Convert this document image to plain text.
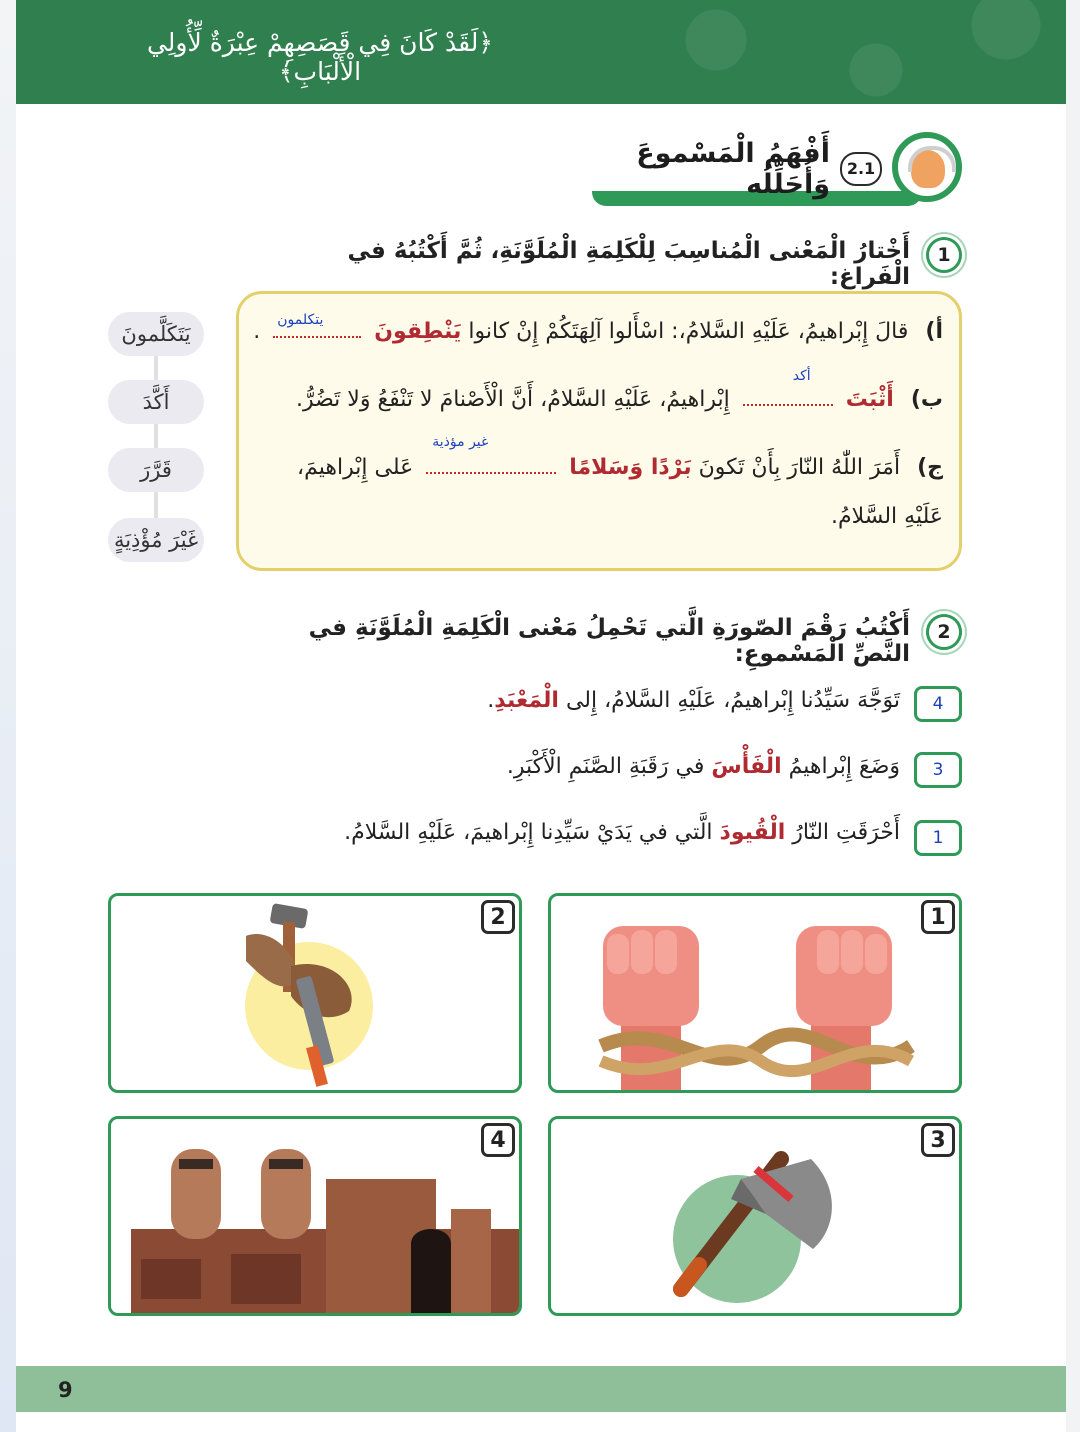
﴿لَقَدْ كَانَ فِي قَصَصِهِمْ عِبْرَةٌ لِّأُولِي الْأَلْبَابِ﴾
2.1
أَفْهَمُ الْمَسْموعَ وَأُحَلِّلُه
1
أَخْتارُ الْمَعْنى الْمُناسِبَ لِلْكَلِمَةِ الْمُلَوَّنَةِ، ثُمَّ أَكْتُبُهُ في الْفَراغ:
أ) قالَ إِبْراهيمُ، عَلَيْهِ السَّلامُ،: اسْأَلوا آلِهَتَكُمْ إِنْ كانوا يَنْطِقونَ
يتكلمون
.
ب) أَثْبَتَ
أكد
إِبْراهيمُ، عَلَيْهِ السَّلامُ، أَنَّ الْأَصْنامَ لا تَنْفَعُ وَلا تَضُرُّ.
ج) أَمَرَ اللّٰهُ النّارَ بِأَنْ تَكونَ بَرْدًا وَسَلامًا
غير مؤذية
عَلى إِبْراهيمَ،
عَلَيْهِ السَّلامُ.
يَتَكَلَّمونَ
أَكَّدَ
قَرَّرَ
غَيْرَ مُؤْذِيَةٍ
2
أَكْتُبُ رَقْمَ الصّورَةِ الَّتي تَحْمِلُ مَعْنى الْكَلِمَةِ الْمُلَوَّنَةِ في النَّصِّ الْمَسْموعِ:
4
تَوَجَّهَ سَيِّدُنا إِبْراهيمُ، عَلَيْهِ السَّلامُ، إِلى الْمَعْبَدِ.
3
وَضَعَ إِبْراهيمُ الْفَأْسَ في رَقَبَةِ الصَّنَمِ الْأَكْبَرِ.
1
أَحْرَقَتِ النّارُ الْقُيودَ الَّتي في يَدَيْ سَيِّدِنا إِبْراهيمَ، عَلَيْهِ السَّلامُ.
1
2
3
4
9
